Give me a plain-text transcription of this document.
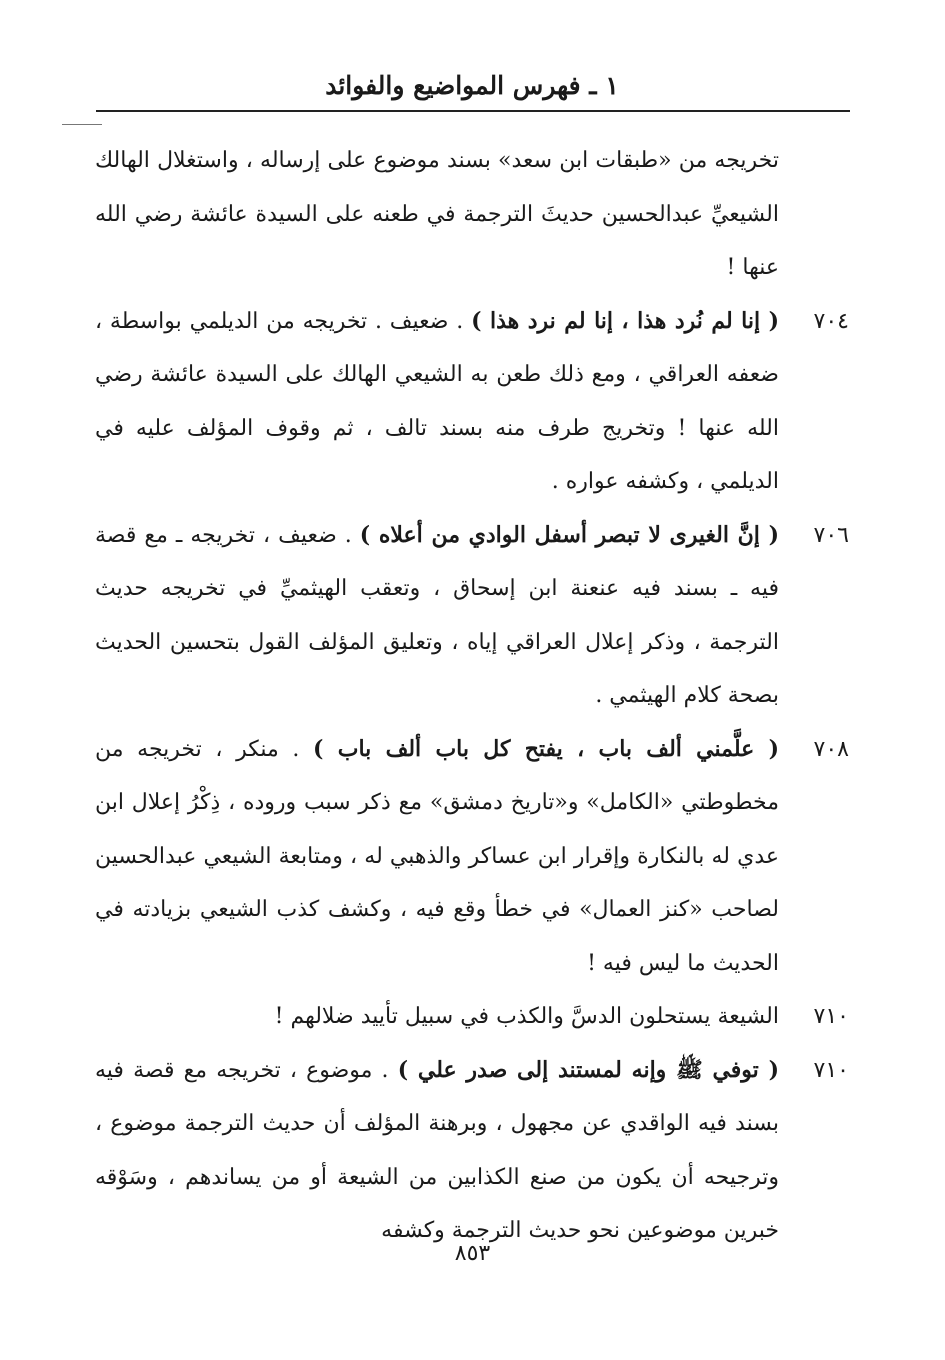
١ ـ فهرس المواضيع والفوائد
تخريجه من «طبقات ابن سعد» بسند موضوع على إرساله ، واستغلال الهالك الشيعيِّ عبدالحسين حديثَ الترجمة في طعنه على السيدة عائشة رضي الله عنها !
٧٠٤
( إنا لم نُرد هذا ، إنا لم نرد هذا ) . ضعيف . تخريجه من الديلمي بواسطة ، ضعفه العراقي ، ومع ذلك طعن به الشيعي الهالك على السيدة عائشة رضي الله عنها ! وتخريج طرف منه بسند تالف ، ثم وقوف المؤلف عليه في الديلمي ، وكشفه عواره .
٧٠٦
( إنَّ الغيرى لا تبصر أسفل الوادي من أعلاه ) . ضعيف ، تخريجه ـ مع قصة فيه ـ بسند فيه عنعنة ابن إسحاق ، وتعقب الهيثميِّ في تخريجه حديث الترجمة ، وذكر إعلال العراقي إياه ، وتعليق المؤلف القول بتحسين الحديث بصحة كلام الهيثمي .
٧٠٨
( علَّمني ألف باب ، يفتح كل باب ألف باب ) . منكر ، تخريجه من مخطوطتي «الكامل» و«تاريخ دمشق» مع ذكر سبب وروده ، ذِكْرُ إعلال ابن عدي له بالنكارة وإقرار ابن عساكر والذهبي له ، ومتابعة الشيعي عبدالحسين لصاحب «كنز العمال» في خطأ وقع فيه ، وكشف كذب الشيعي بزيادته في الحديث ما ليس فيه !
٧١٠
الشيعة يستحلون الدسَّ والكذب في سبيل تأييد ضلالهم !
٧١٠
( توفي ﷺ وإنه لمستند إلى صدر علي ) . موضوع ، تخريجه مع قصة فيه بسند فيه الواقدي عن مجهول ، وبرهنة المؤلف أن حديث الترجمة موضوع ، وترجيحه أن يكون من صنع الكذابين من الشيعة أو من يساندهم ، وسَوْقه خبرين موضوعين نحو حديث الترجمة وكشفه
٨٥٣
